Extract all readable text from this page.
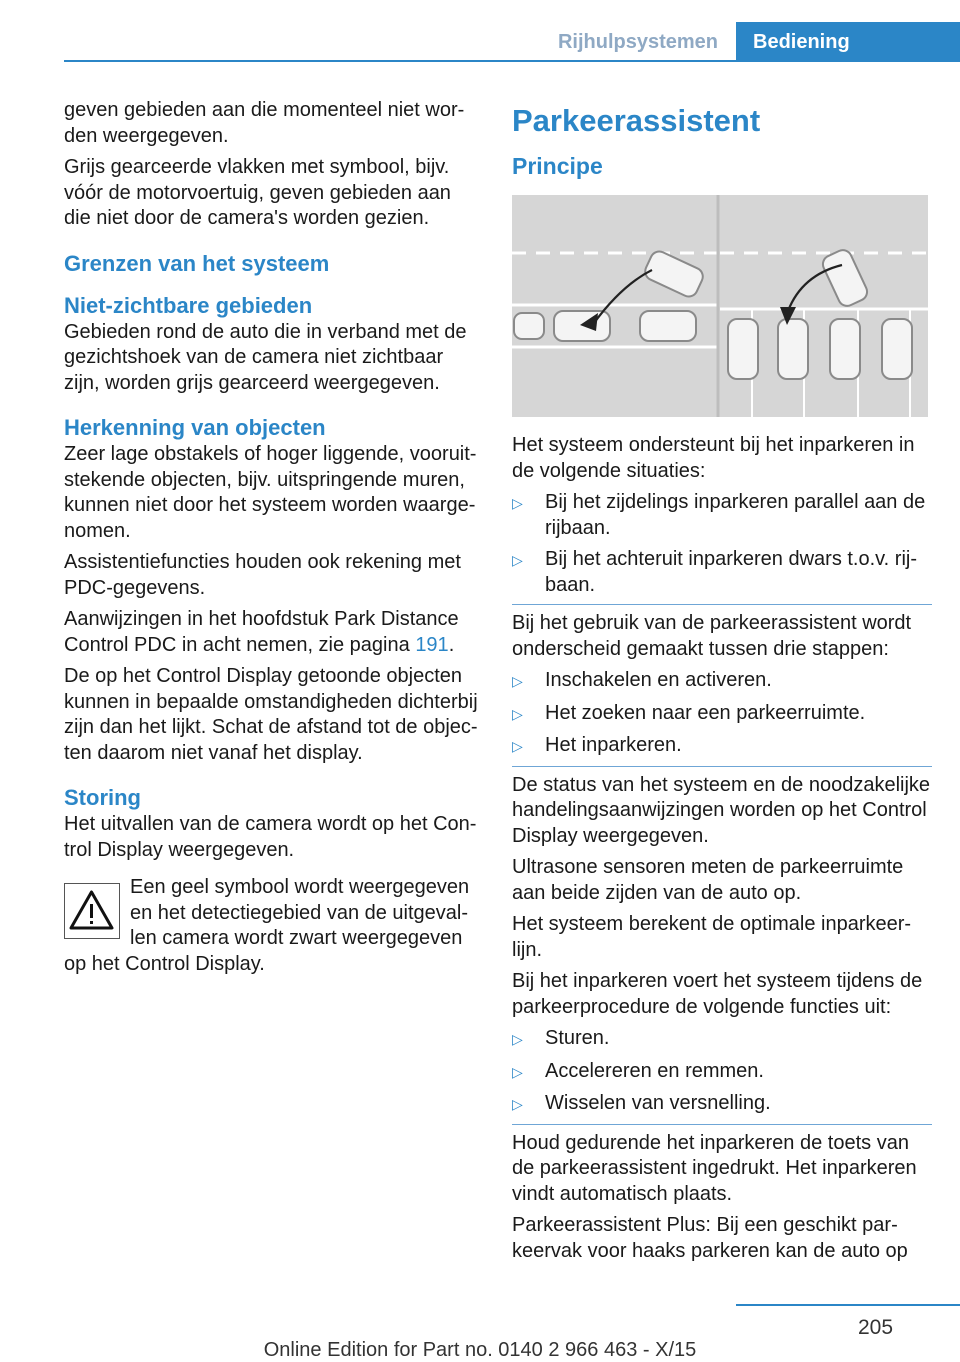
Rijhulpsystemen	Bediening

geven gebieden aan die momenteel niet wor-den weergegeven.

Grijs gearceerde vlakken met symbool, bijv. vóór de motorvoertuig, geven gebieden aan die niet door de camera's worden gezien.

Grenzen van het systeem
Niet-zichtbare gebieden

Gebieden rond de auto die in verband met de gezichtshoek van de camera niet zichtbaar zijn, worden grijs gearceerd weergegeven.

Herkenning van objecten

Zeer lage obstakels of hoger liggende, vooruit-stekende objecten, bijv. uitspringende muren, kunnen niet door het systeem worden waarge-nomen.

Assistentiefuncties houden ook rekening met PDC-gegevens.

Aanwijzingen in het hoofdstuk Park Distance Control PDC in acht nemen, zie pagina 191.

De op het Control Display getoonde objecten kunnen in bepaalde omstandigheden dichterbij zijn dan het lijkt. Schat de afstand tot de objec-ten daarom niet vanaf het display.

Storing

Het uitvallen van de camera wordt op het Con-trol Display weergegeven.

Een geel symbool wordt weergegeven
en het detectiegebied van de uitgeval-
len camera wordt zwart weergegeven
op het Control Display.

Parkeerassistent
Principe

Het systeem ondersteunt bij het inparkeren in de volgende situaties:

▷	Bij het zijdelings inparkeren parallel aan de rijbaan.
▷	Bij het achteruit inparkeren dwars t.o.v. rij-baan.

Bij het gebruik van de parkeerassistent wordt onderscheid gemaakt tussen drie stappen:

▷	Inschakelen en activeren.
▷	Het zoeken naar een parkeerruimte.
▷	Het inparkeren.

De status van het systeem en de noodzakelijke handelingsaanwijzingen worden op het Control Display weergegeven.

Ultrasone sensoren meten de parkeerruimte aan beide zijden van de auto op.

Het systeem berekent de optimale inparkeer-lijn.

Bij het inparkeren voert het systeem tijdens de parkeerprocedure de volgende functies uit:

▷	Sturen.
▷	Accelereren en remmen.
▷	Wisselen van versnelling.

Houd gedurende het inparkeren de toets van de parkeerassistent ingedrukt. Het inparkeren vindt automatisch plaats.

Parkeerassistent Plus: Bij een geschikt par-keervak voor haaks parkeren kan de auto op

205
Online Edition for Part no. 0140 2 966 463 - X/15
